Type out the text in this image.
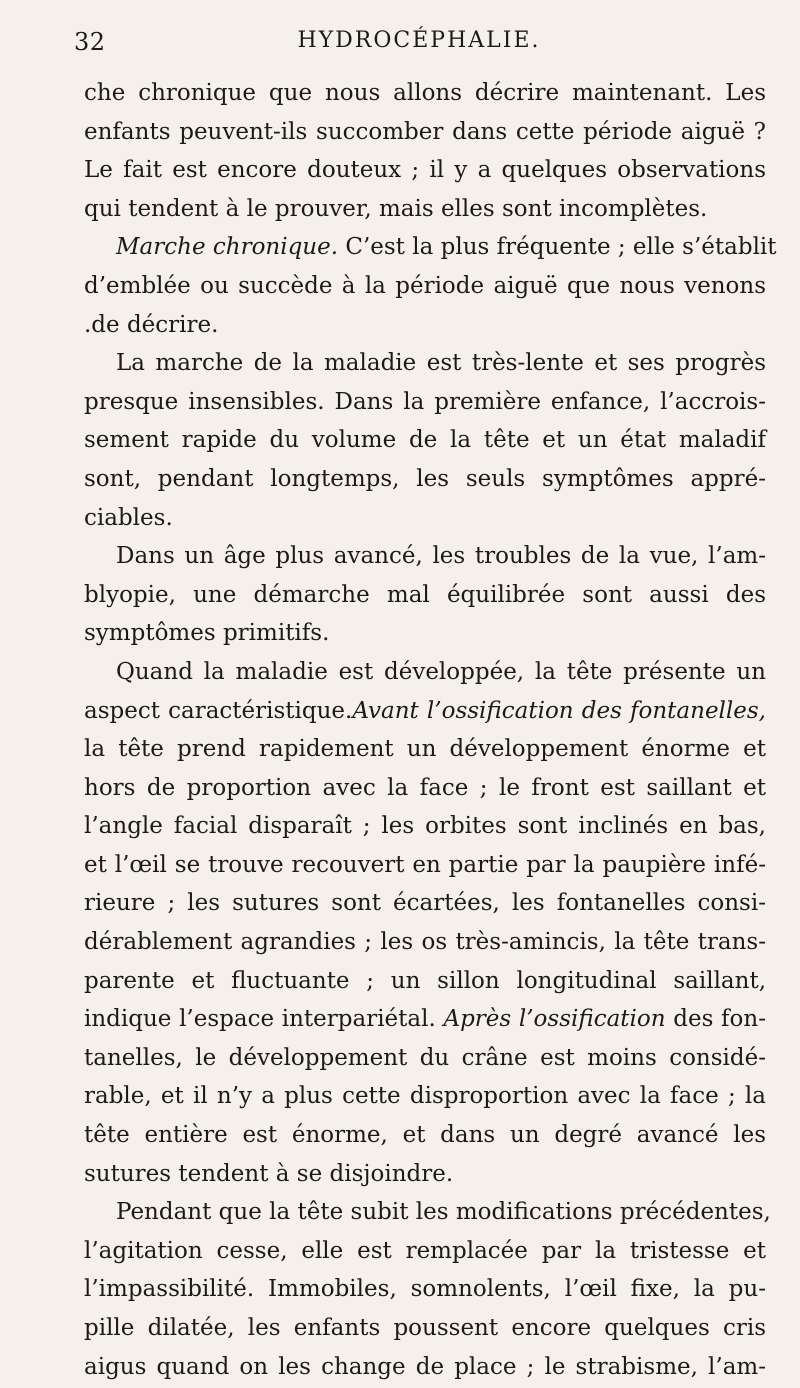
32	HYDROCÉPHALIE.
che chronique que nous allons décrire maintenant. Les
enfants peuvent-ils succomber dans cette période aiguë ?
Le fait est encore douteux ; il y a quelques observations
qui tendent à le prouver, mais elles sont incomplètes.
Marche chronique. C’est la plus fréquente ; elle s’établit
d’emblée ou succède à la période aiguë que nous venons
.de décrire.
La marche de la maladie est très-lente et ses progrès
presque insensibles. Dans la première enfance, l’accrois-
sement rapide du volume de la tête et un état maladif
sont, pendant longtemps, les seuls symptômes appré-
ciables.
Dans un âge plus avancé, les troubles de la vue, l’am-
blyopie, une démarche mal équilibrée sont aussi des
symptômes primitifs.
Quand la maladie est développée, la tête présente un
aspect caractéristique.Avant l’ossification des fontanelles,
la tête prend rapidement un développement énorme et
hors de proportion avec la face ; le front est saillant et
l’angle facial disparaît ; les orbites sont inclinés en bas,
et l’œil se trouve recouvert en partie par la paupière infé-
rieure ; les sutures sont écartées, les fontanelles consi-
dérablement agrandies ; les os très-amincis, la tête trans-
parente et fluctuante ; un sillon longitudinal saillant,
indique l’espace interpariétal. Après l’ossification des fon-
tanelles, le développement du crâne est moins considé-
rable, et il n’y a plus cette disproportion avec la face ; la
tête entière est énorme, et dans un degré avancé les
sutures tendent à se disjoindre.
Pendant que la tête subit les modifications précédentes,
l’agitation cesse, elle est remplacée par la tristesse et
l’impassibilité. Immobiles, somnolents, l’œil fixe, la pu-
pille dilatée, les enfants poussent encore quelques cris
aigus quand on les change de place ; le strabisme, l’am-
